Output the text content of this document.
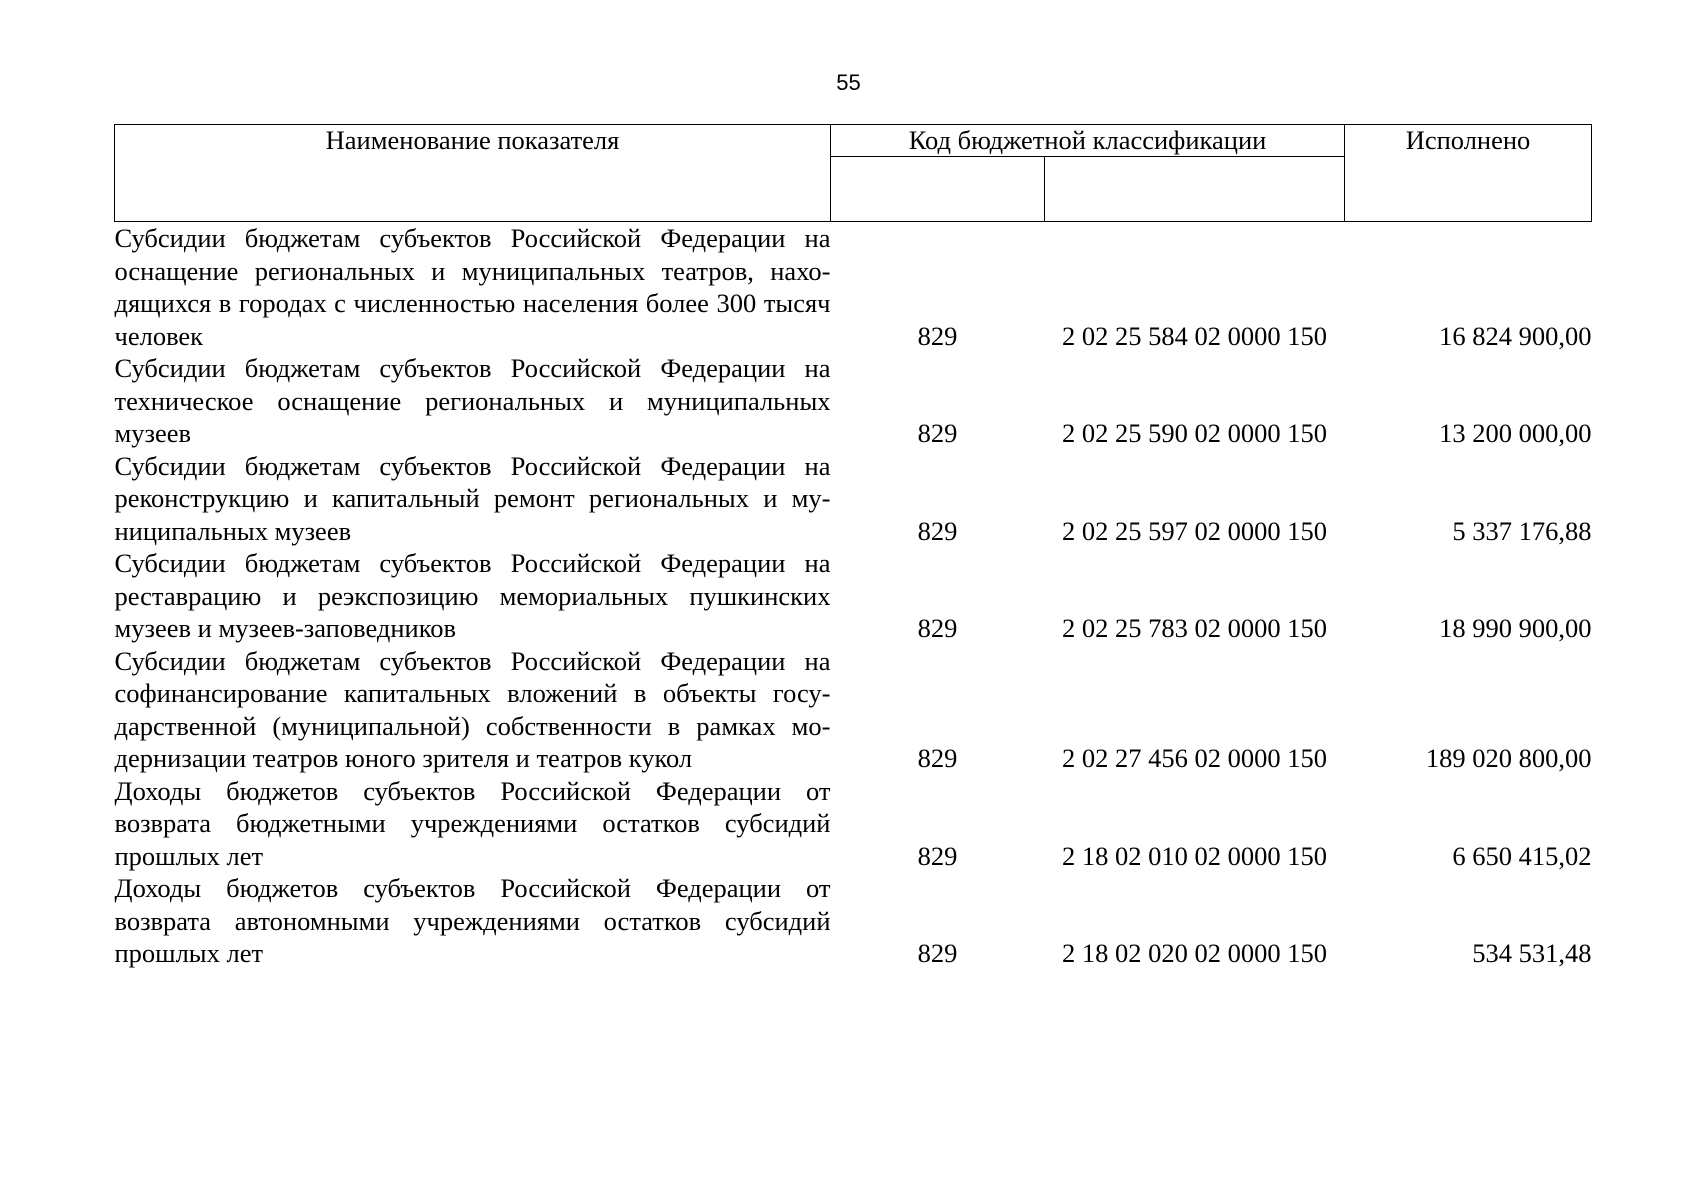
55
Наименование показателя	Код бюджетной классификации		Исполнено

Субсидии бюджетам субъектов Российской Федерации на оснащение региональных и муниципальных театров, находящихся в городах с численностью населения более 300 тысяч человек	829	2 02 25 584 02 0000 150	16 824 900,00
Субсидии бюджетам субъектов Российской Федерации на техническое оснащение региональных и муниципальных музеев	829	2 02 25 590 02 0000 150	13 200 000,00
Субсидии бюджетам субъектов Российской Федерации на реконструкцию и капитальный ремонт региональных и муниципальных музеев	829	2 02 25 597 02 0000 150	5 337 176,88
Субсидии бюджетам субъектов Российской Федерации на реставрацию и реэкспозицию мемориальных пушкинских музеев и музеев-заповедников	829	2 02 25 783 02 0000 150	18 990 900,00
Субсидии бюджетам субъектов Российской Федерации на софинансирование капитальных вложений в объекты государственной (муниципальной) собственности в рамках модернизации театров юного зрителя и театров кукол	829	2 02 27 456 02 0000 150	189 020 800,00
Доходы бюджетов субъектов Российской Федерации от возврата бюджетными учреждениями остатков субсидий прошлых лет	829	2 18 02 010 02 0000 150	6 650 415,02
Доходы бюджетов субъектов Российской Федерации от возврата автономными учреждениями остатков субсидий прошлых лет	829	2 18 02 020 02 0000 150	534 531,48
